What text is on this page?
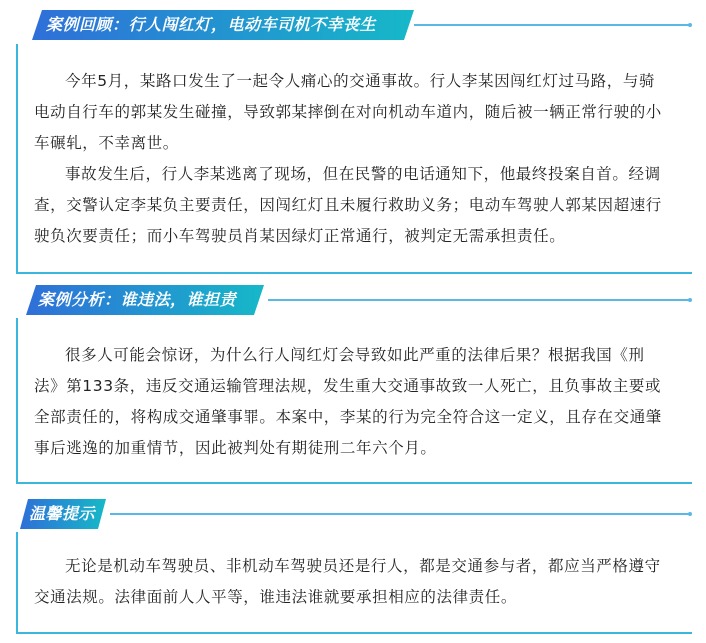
案例回顾：行人闯红灯，电动车司机不幸丧生

今年5月，某路口发生了一起令人痛心的交通事故。行人李某因闯红灯过马路，与骑电动自行车的郭某发生碰撞，导致郭某摔倒在对向机动车道内，随后被一辆正常行驶的小车碾轧，不幸离世。

事故发生后，行人李某逃离了现场，但在民警的电话通知下，他最终投案自首。经调查，交警认定李某负主要责任，因闯红灯且未履行救助义务；电动车驾驶人郭某因超速行驶负次要责任；而小车驾驶员肖某因绿灯正常通行，被判定无需承担责任。

案例分析：谁违法，谁担责

很多人可能会惊讶，为什么行人闯红灯会导致如此严重的法律后果？根据我国《刑法》第133条，违反交通运输管理法规，发生重大交通事故致一人死亡，且负事故主要或全部责任的，将构成交通肇事罪。本案中，李某的行为完全符合这一定义，且存在交通肇事后逃逸的加重情节，因此被判处有期徒刑二年六个月。

温馨提示

无论是机动车驾驶员、非机动车驾驶员还是行人，都是交通参与者，都应当严格遵守交通法规。法律面前人人平等，谁违法谁就要承担相应的法律责任。
